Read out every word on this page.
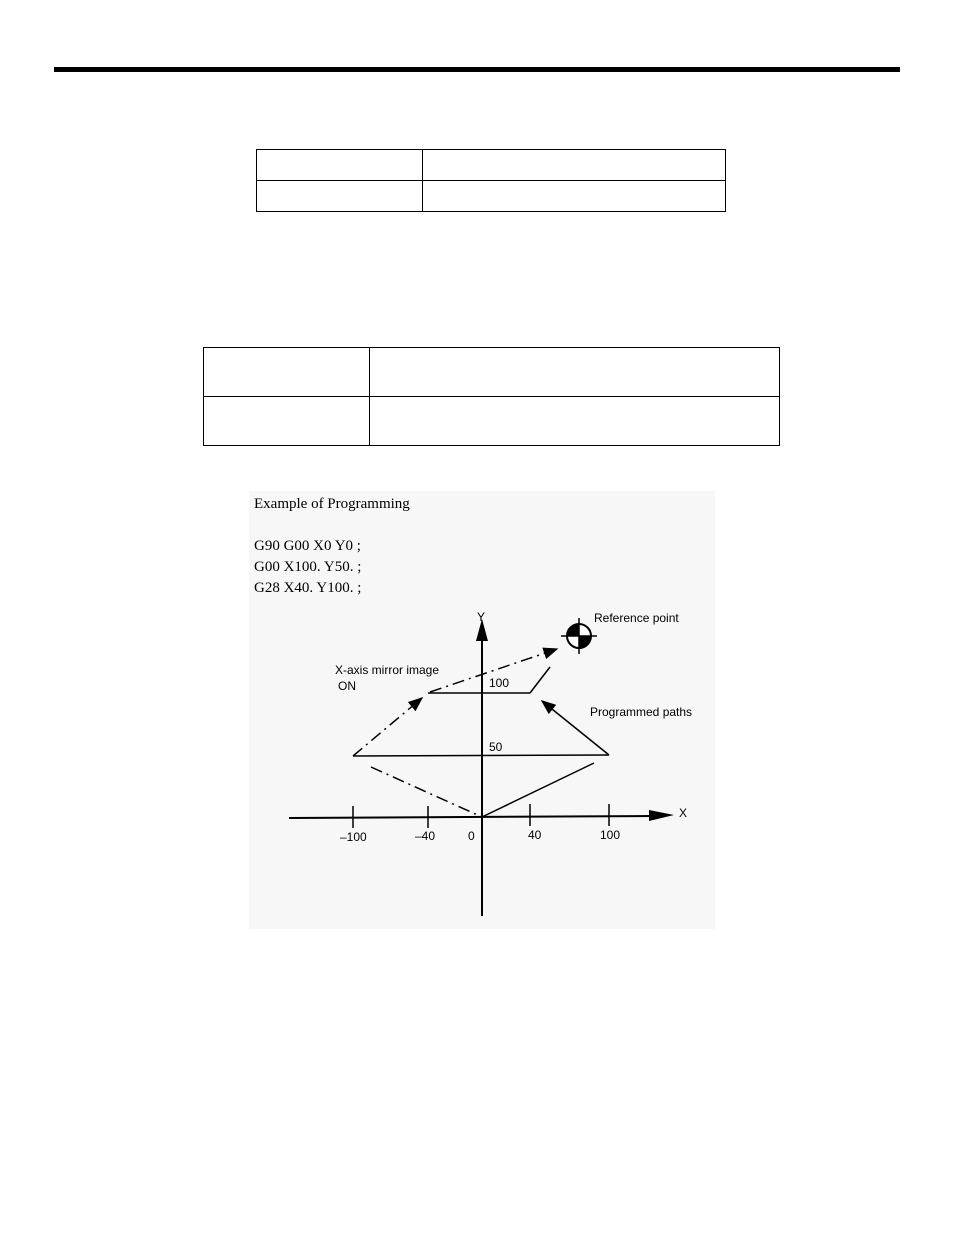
Example of Programming
G90 G00 X0 Y0 ;
G00 X100. Y50. ;
G28 X40. Y100. ;
X
Y
–100	–40	0	40	100
100
50
Reference point
X-axis mirror image
ON
Programmed paths
